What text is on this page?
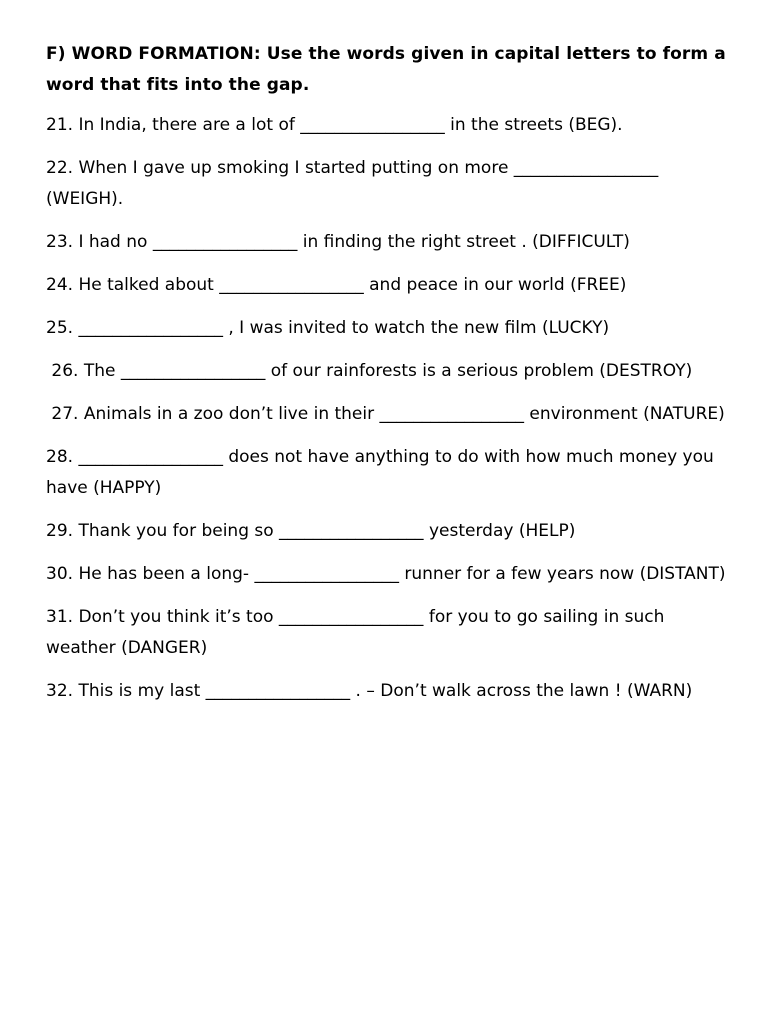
F) WORD FORMATION: Use the words given in capital letters to form a word that fits into the gap.
21. In India, there are a lot of _________________ in the streets (BEG).
22. When I gave up smoking I started putting on more _________________ (WEIGH).
23. I had no _________________ in finding the right street . (DIFFICULT)
24. He talked about _________________ and peace in our world (FREE)
25. _________________ , I was invited to watch the new film (LUCKY)
26. The _________________ of our rainforests is a serious problem (DESTROY)
27. Animals in a zoo don’t live in their _________________ environment (NATURE)
28. _________________ does not have anything to do with how much money you have (HAPPY)
29. Thank you for being so _________________ yesterday (HELP)
30. He has been a long- _________________ runner for a few years now (DISTANT)
31. Don’t you think it’s too _________________ for you to go sailing in such weather (DANGER)
32. This is my last _________________ . – Don’t walk across the lawn ! (WARN)
